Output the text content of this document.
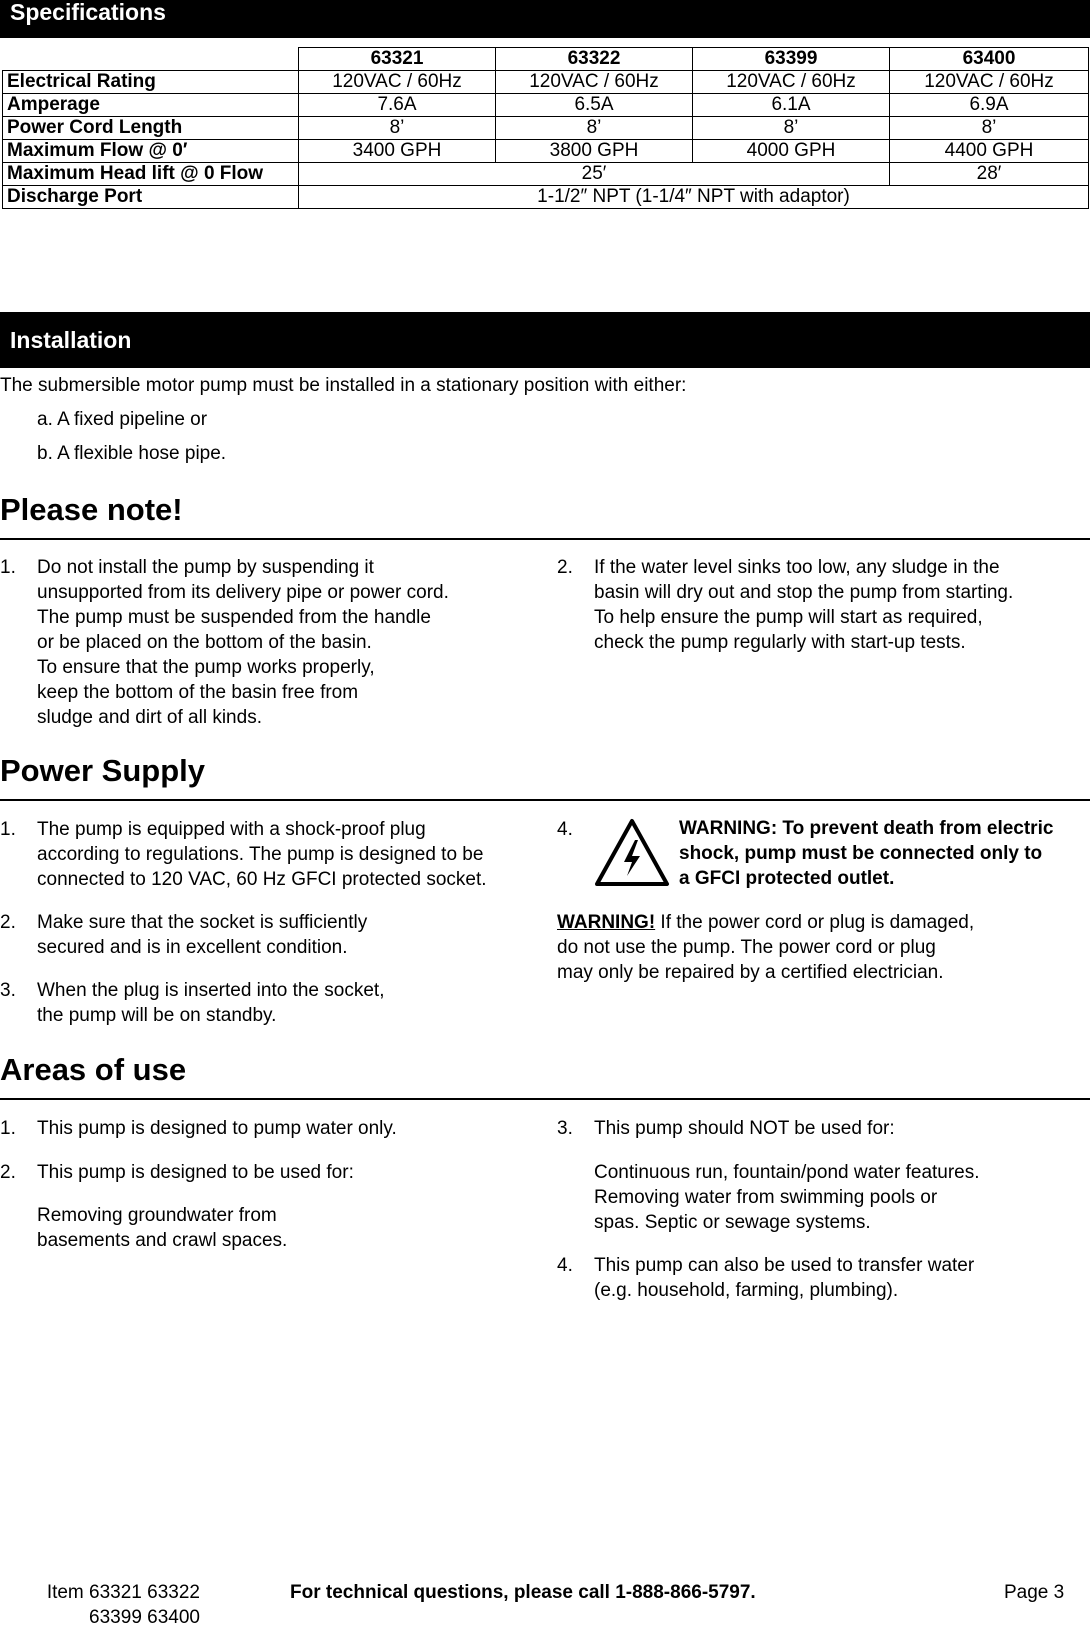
Specifications
	63321	63322	63399	63400
Electrical Rating	120VAC / 60Hz	120VAC / 60Hz	120VAC / 60Hz	120VAC / 60Hz
Amperage	7.6A	6.5A	6.1A	6.9A
Power Cord Length	8’	8’	8’	8’
Maximum Flow @ 0′	3400 GPH	3800 GPH	4000 GPH	4400 GPH
Maximum Head lift @ 0 Flow	25′			28′
Discharge Port	1-1/2″ NPT (1-1/4″ NPT with adaptor)			
Installation

The submersible motor pump must be installed in a stationary position with either:

a. A fixed pipeline or

b. A flexible hose pipe.

Please note!
1. Do not install the pump by suspending it
unsupported from its delivery pipe or power cord.
The pump must be suspended from the handle
or be placed on the bottom of the basin.
To ensure that the pump works properly,
keep the bottom of the basin free from
sludge and dirt of all kinds.
2. If the water level sinks too low, any sludge in the
basin will dry out and stop the pump from starting.
To help ensure the pump will start as required,
check the pump regularly with start-up tests.
Power Supply
1. The pump is equipped with a shock-proof plug
according to regulations. The pump is designed to be
connected to 120 VAC, 60 Hz GFCI protected socket.
2. Make sure that the socket is sufficiently
secured and is in excellent condition.
3. When the plug is inserted into the socket,
the pump will be on standby.
4.	WARNING: To prevent death from electric
shock, pump must be connected only to
a GFCI protected outlet.
WARNING! If the power cord or plug is damaged,
do not use the pump. The power cord or plug
may only be repaired by a certified electrician.
Areas of use
1. This pump is designed to pump water only.
2. This pump is designed to be used for:
Removing groundwater from
basements and crawl spaces.
3. This pump should NOT be used for:
Continuous run, fountain/pond water features.
Removing water from swimming pools or
spas. Septic or sewage systems.
4. This pump can also be used to transfer water
(e.g. household, farming, plumbing).
Item 63321 63322
63399 63400
For technical questions, please call 1-888-866-5797.	Page 3
